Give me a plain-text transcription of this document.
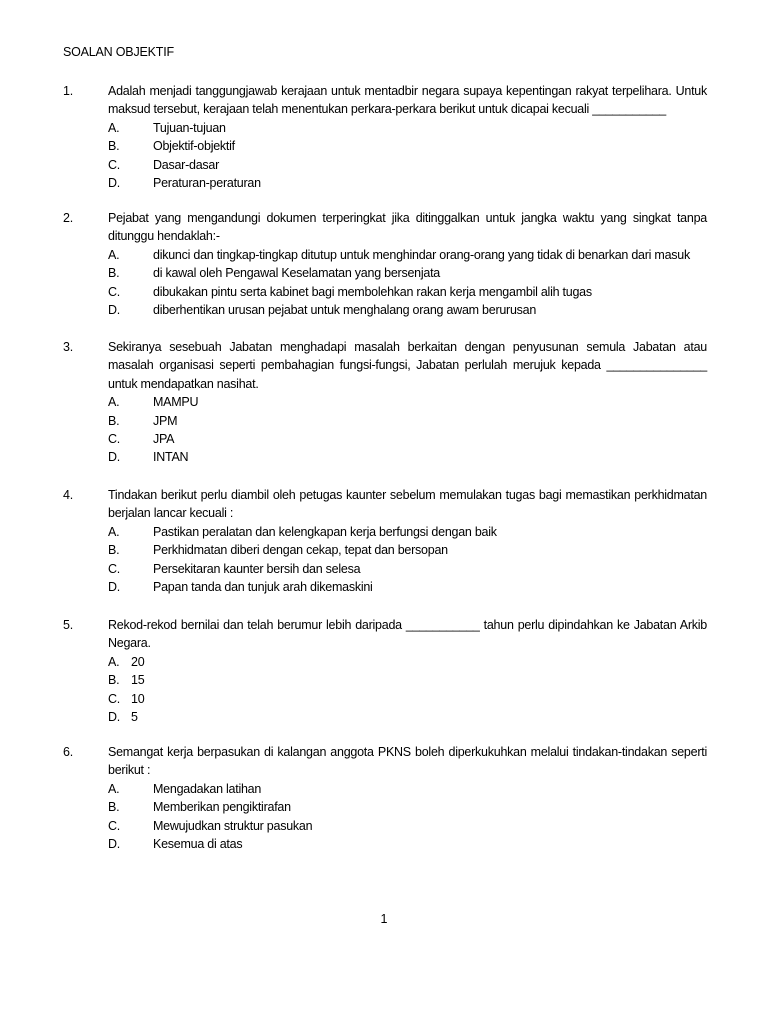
SOALAN OBJEKTIF
1.	Adalah menjadi tanggungjawab kerajaan untuk mentadbir negara supaya kepentingan rakyat terpelihara. Untuk maksud tersebut, kerajaan telah menentukan perkara-perkara berikut untuk dicapai kecuali ___________
A.	Tujuan-tujuan
B.	Objektif-objektif
C.	Dasar-dasar
D.	Peraturan-peraturan
2.	Pejabat yang mengandungi dokumen terperingkat jika ditinggalkan untuk jangka waktu yang singkat tanpa ditunggu hendaklah:-
A.	dikunci dan tingkap-tingkap ditutup untuk menghindar orang-orang yang tidak di benarkan dari masuk
B.	di kawal oleh Pengawal Keselamatan yang bersenjata
C.	dibukakan pintu serta kabinet bagi membolehkan rakan kerja mengambil alih tugas
D.	diberhentikan urusan pejabat untuk menghalang orang awam berurusan
3.	Sekiranya sesebuah Jabatan menghadapi masalah berkaitan dengan penyusunan semula Jabatan atau masalah organisasi seperti pembahagian fungsi-fungsi, Jabatan perlulah merujuk kepada _______________ untuk mendapatkan nasihat.
A.	MAMPU
B.	JPM
C.	JPA
D.	INTAN
4.	Tindakan berikut perlu diambil oleh petugas kaunter sebelum memulakan tugas bagi memastikan perkhidmatan berjalan lancar kecuali :
A.	Pastikan peralatan dan kelengkapan kerja berfungsi dengan baik
B.	Perkhidmatan diberi dengan cekap, tepat dan bersopan
C.	Persekitaran kaunter bersih dan selesa
D.	Papan tanda dan tunjuk arah dikemaskini
5.	Rekod-rekod bernilai dan telah berumur lebih daripada ___________ tahun perlu dipindahkan ke Jabatan Arkib Negara.
A. 20
B. 15
C. 10
D. 5
6.	Semangat kerja berpasukan di kalangan anggota PKNS boleh diperkukuhkan melalui tindakan-tindakan seperti berikut :
A.	Mengadakan latihan
B.	Memberikan pengiktirafan
C.	Mewujudkan struktur pasukan
D.	Kesemua di atas
1
